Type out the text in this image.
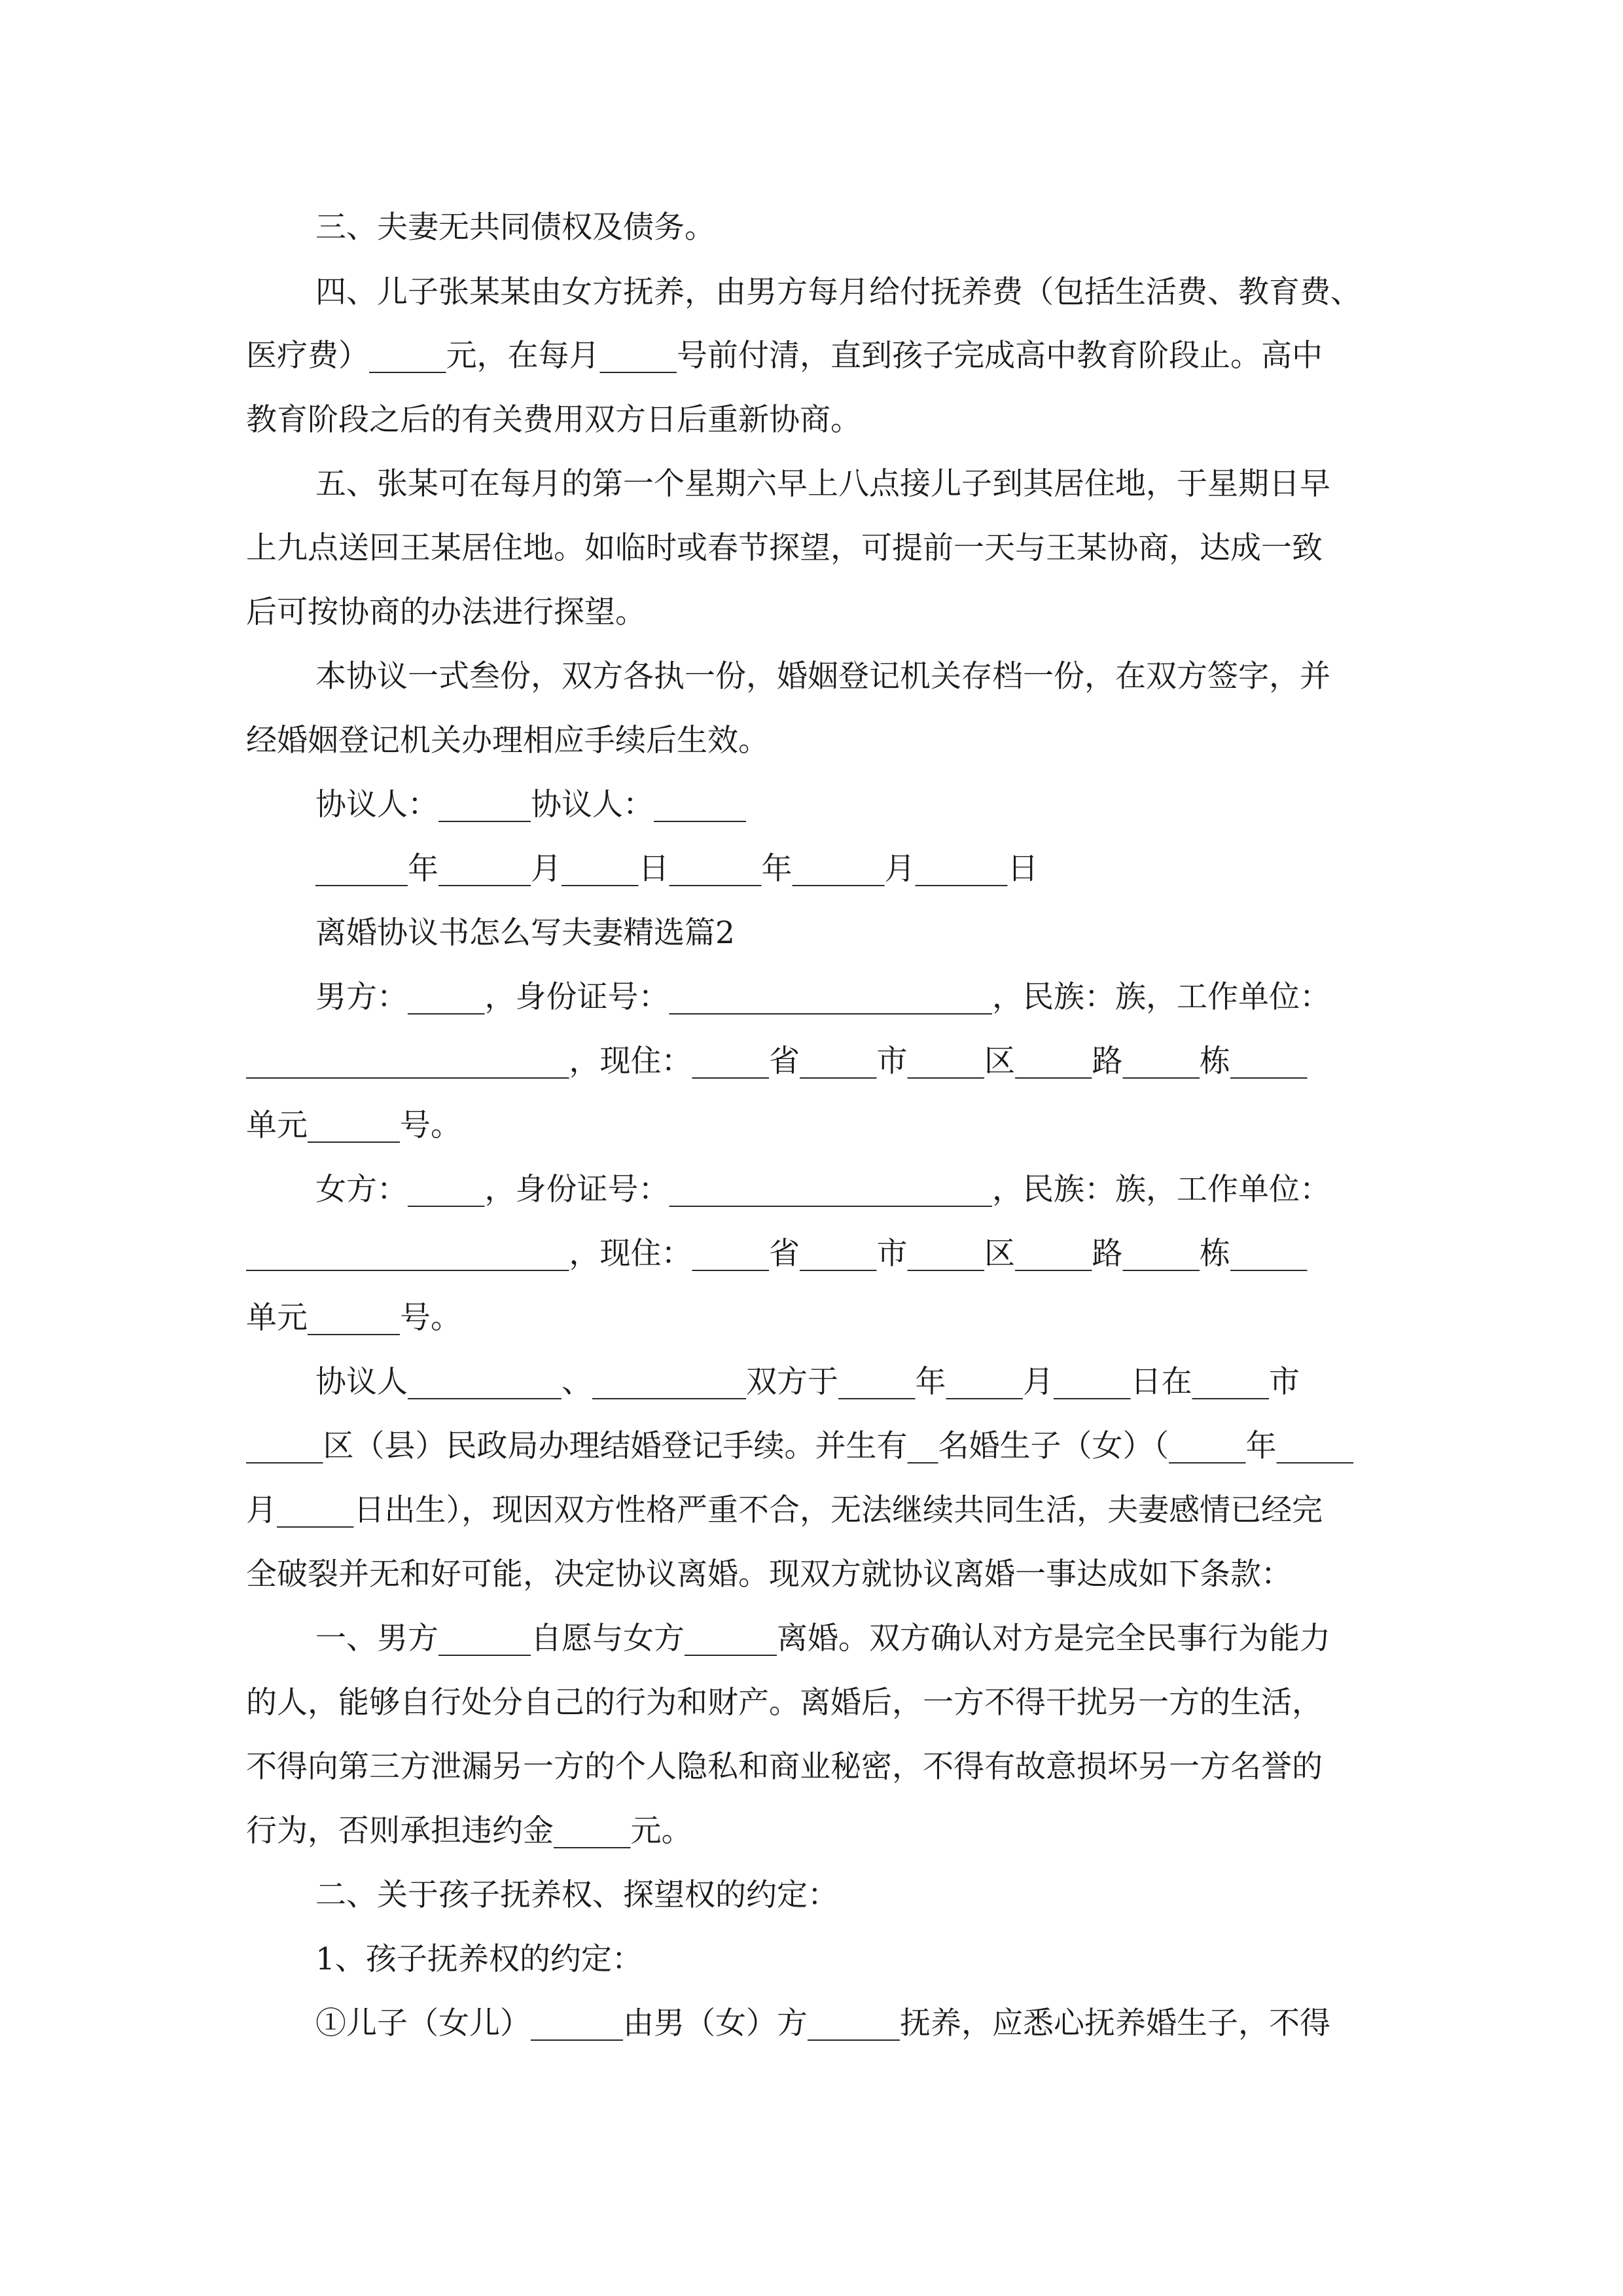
三、夫妻无共同债权及债务。

四、儿子张某某由女方抚养，由男方每月给付抚养费（包括生活费、教育费、

医疗费）_____元，在每月_____号前付清，直到孩子完成高中教育阶段止。高中

教育阶段之后的有关费用双方日后重新协商。

五、张某可在每月的第一个星期六早上八点接儿子到其居住地，于星期日早

上九点送回王某居住地。如临时或春节探望，可提前一天与王某协商，达成一致

后可按协商的办法进行探望。

本协议一式叁份，双方各执一份，婚姻登记机关存档一份，在双方签字，并

经婚姻登记机关办理相应手续后生效。

协议人：______协议人：______

______年______月_____日______年______月______日

离婚协议书怎么写夫妻精选篇2

男方：_____，身份证号：_____________________，民族：族，工作单位：

_____________________，现住：_____省_____市_____区_____路_____栋_____

单元______号。

女方：_____，身份证号：_____________________，民族：族，工作单位：

_____________________，现住：_____省_____市_____区_____路_____栋_____

单元______号。

协议人__________、__________双方于_____年_____月_____日在_____市

_____区（县）民政局办理结婚登记手续。并生有__名婚生子（女）（_____年_____

月_____日出生），现因双方性格严重不合，无法继续共同生活，夫妻感情已经完

全破裂并无和好可能，决定协议离婚。现双方就协议离婚一事达成如下条款：

一、男方______自愿与女方______离婚。双方确认对方是完全民事行为能力

的人，能够自行处分自己的行为和财产。离婚后，一方不得干扰另一方的生活，

不得向第三方泄漏另一方的个人隐私和商业秘密，不得有故意损坏另一方名誉的

行为，否则承担违约金_____元。

二、关于孩子抚养权、探望权的约定：

1、孩子抚养权的约定：

①儿子（女儿）______由男（女）方______抚养，应悉心抚养婚生子，不得
